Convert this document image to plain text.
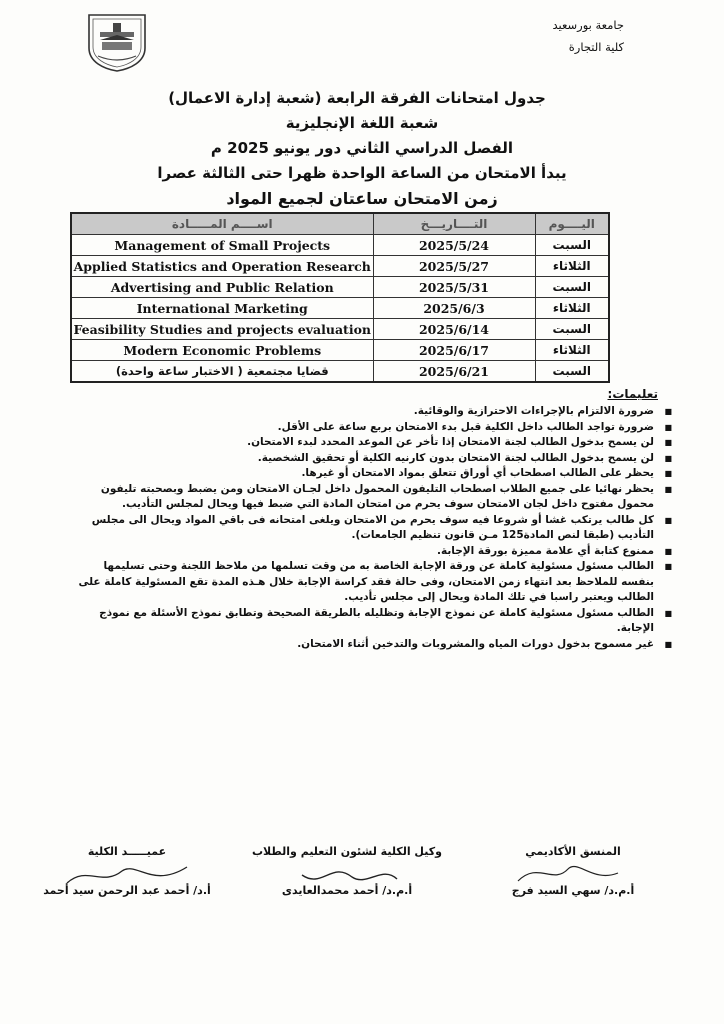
جامعة بورسعيد
كلية التجارة
جدول امتحانات الفرقة الرابعة (شعبة إدارة الاعمال)
شعبة اللغة الإنجليزية
الفصل الدراسي الثاني دور يونيو 2025 م
يبدأ الامتحان من الساعة الواحدة ظهرا حتى الثالثة عصرا
زمن الامتحان ساعتان لجميع المواد
اســــم المـــــادة	التــــاريـــخ	اليــــوم
Management of Small Projects	2025/5/24	السبت
Applied Statistics and Operation Research	2025/5/27	الثلاثاء
Advertising and Public Relation	2025/5/31	السبت
International Marketing	2025/6/3	الثلاثاء
Feasibility Studies and projects evaluation	2025/6/14	السبت
Modern Economic Problems	2025/6/17	الثلاثاء
قضايا مجتمعية ( الاختبار ساعة واحدة)	2025/6/21	السبت
تعليمات:
■ ضرورة الالتزام بالإجراءات الاحترازية والوقائية.
■ ضرورة تواجد الطالب داخل الكلية قبل بدء الامتحان بربع ساعة على الأقل.
■ لن يسمح بدخول الطالب لجنة الامتحان إذا تأخر عن الموعد المحدد لبدء الامتحان.
■ لن يسمح بدخول الطالب لجنة الامتحان بدون كارنيه الكلية أو تحقيق الشخصية.
■ يحظر على الطالب اصطحاب أي أوراق تتعلق بمواد الامتحان أو غيرها.
■ يحظر نهائيا على جميع الطلاب اصطحاب التليفون المحمول داخل لجـان الامتحان ومن يضبط وبصحبته تليفون محمول مفتوح داخل لجان الامتحان سوف يحرم من امتحان المادة التي ضبط فيها ويحال لمجلس التأديب.
■ كل طالب يرتكب غشا أو شروعا فيه سوف يحرم من الامتحان ويلغى امتحانه فى باقي المواد ويحال الى مجلس التأديب (طبقا لنص المادة125 مـن قانون تنظيم الجامعات).
■ ممنوع كتابة أي علامة مميزة بورقة الإجابة.
■ الطالب مسئول مسئولية كاملة عن ورقة الإجابة الخاصة به من وقت تسلمها من ملاحظ اللجنة وحتى تسليمها بنفسه للملاحظ بعد انتهاء زمن الامتحان، وفى حالة فقد كراسة الإجابة خلال هـذه المدة تقع المسئولية كاملة على الطالب ويعتبر راسبا في تلك المادة ويحال إلى مجلس تأديب.
■ الطالب مسئول مسئولية كاملة عن نموذج الإجابة وتظليله بالطريقة الصحيحة وتطابق نموذج الأسئلة مع نموذج الإجابة.
■ غير مسموح بدخول دورات المياه والمشروبات والتدخين أثناء الامتحان.
المنسق الأكاديمي
أ.م.د/ سهي السيد فرج
وكيل الكلية لشئون التعليم والطلاب
أ.م.د/ أحمد محمدالعايدى
عميـــــد الكلية
أ.د/ أحمد عبد الرحمن سيد أحمد
